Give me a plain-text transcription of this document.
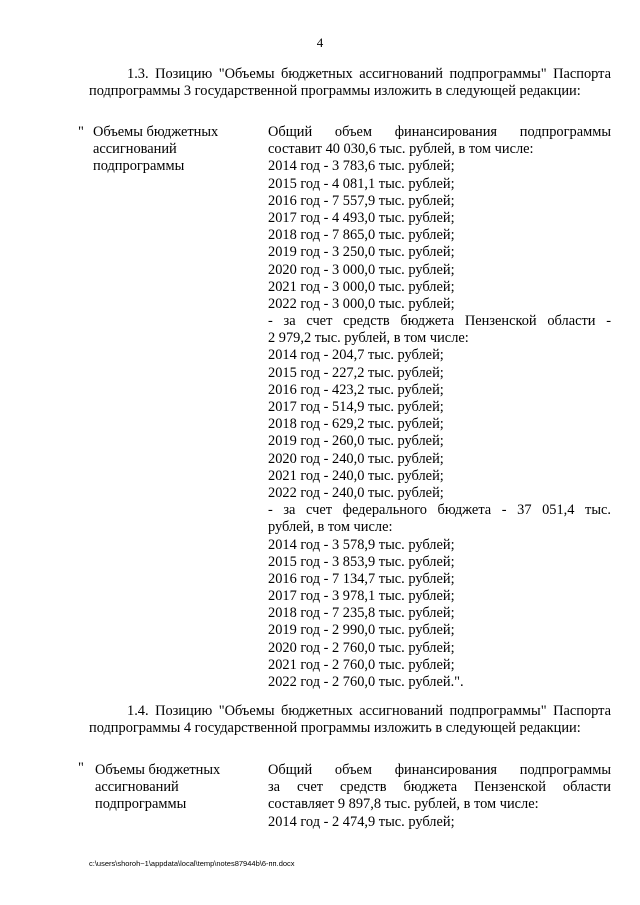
4
1.3. Позицию "Объемы бюджетных ассигнований подпрограммы" Паспорта подпрограммы 3 государственной программы изложить в следующей редакции:
" Объемы бюджетных
ассигнований
подпрограммы
Общий объем финансирования подпрограммы
составит 40 030,6 тыс. рублей, в том числе:
2014 год - 3 783,6 тыс. рублей;
2015 год - 4 081,1 тыс. рублей;
2016 год - 7 557,9 тыс. рублей;
2017 год - 4 493,0 тыс. рублей;
2018 год - 7 865,0 тыс. рублей;
2019 год - 3 250,0 тыс. рублей;
2020 год - 3 000,0 тыс. рублей;
2021 год - 3 000,0 тыс. рублей;
2022 год - 3 000,0 тыс. рублей;
- за счет средств бюджета Пензенской области -
2 979,2 тыс. рублей, в том числе:
2014 год - 204,7 тыс. рублей;
2015 год - 227,2 тыс. рублей;
2016 год - 423,2 тыс. рублей;
2017 год - 514,9 тыс. рублей;
2018 год - 629,2 тыс. рублей;
2019 год - 260,0 тыс. рублей;
2020 год - 240,0 тыс. рублей;
2021 год - 240,0 тыс. рублей;
2022 год - 240,0 тыс. рублей;
- за счет федерального бюджета - 37 051,4 тыс.
рублей, в том числе:
2014 год - 3 578,9 тыс. рублей;
2015 год - 3 853,9 тыс. рублей;
2016 год - 7 134,7 тыс. рублей;
2017 год - 3 978,1 тыс. рублей;
2018 год - 7 235,8 тыс. рублей;
2019 год - 2 990,0 тыс. рублей;
2020 год - 2 760,0 тыс. рублей;
2021 год - 2 760,0 тыс. рублей;
2022 год - 2 760,0 тыс. рублей.".
1.4. Позицию "Объемы бюджетных ассигнований подпрограммы" Паспорта подпрограммы 4 государственной программы изложить в следующей редакции:
" Объемы бюджетных
ассигнований
подпрограммы
Общий объем финансирования подпрограммы
за счет средств бюджета Пензенской области
составляет 9 897,8 тыс. рублей, в том числе:
2014 год - 2 474,9 тыс. рублей;
c:\users\shoroh~1\appdata\local\temp\notes87944b\6-пп.docx
